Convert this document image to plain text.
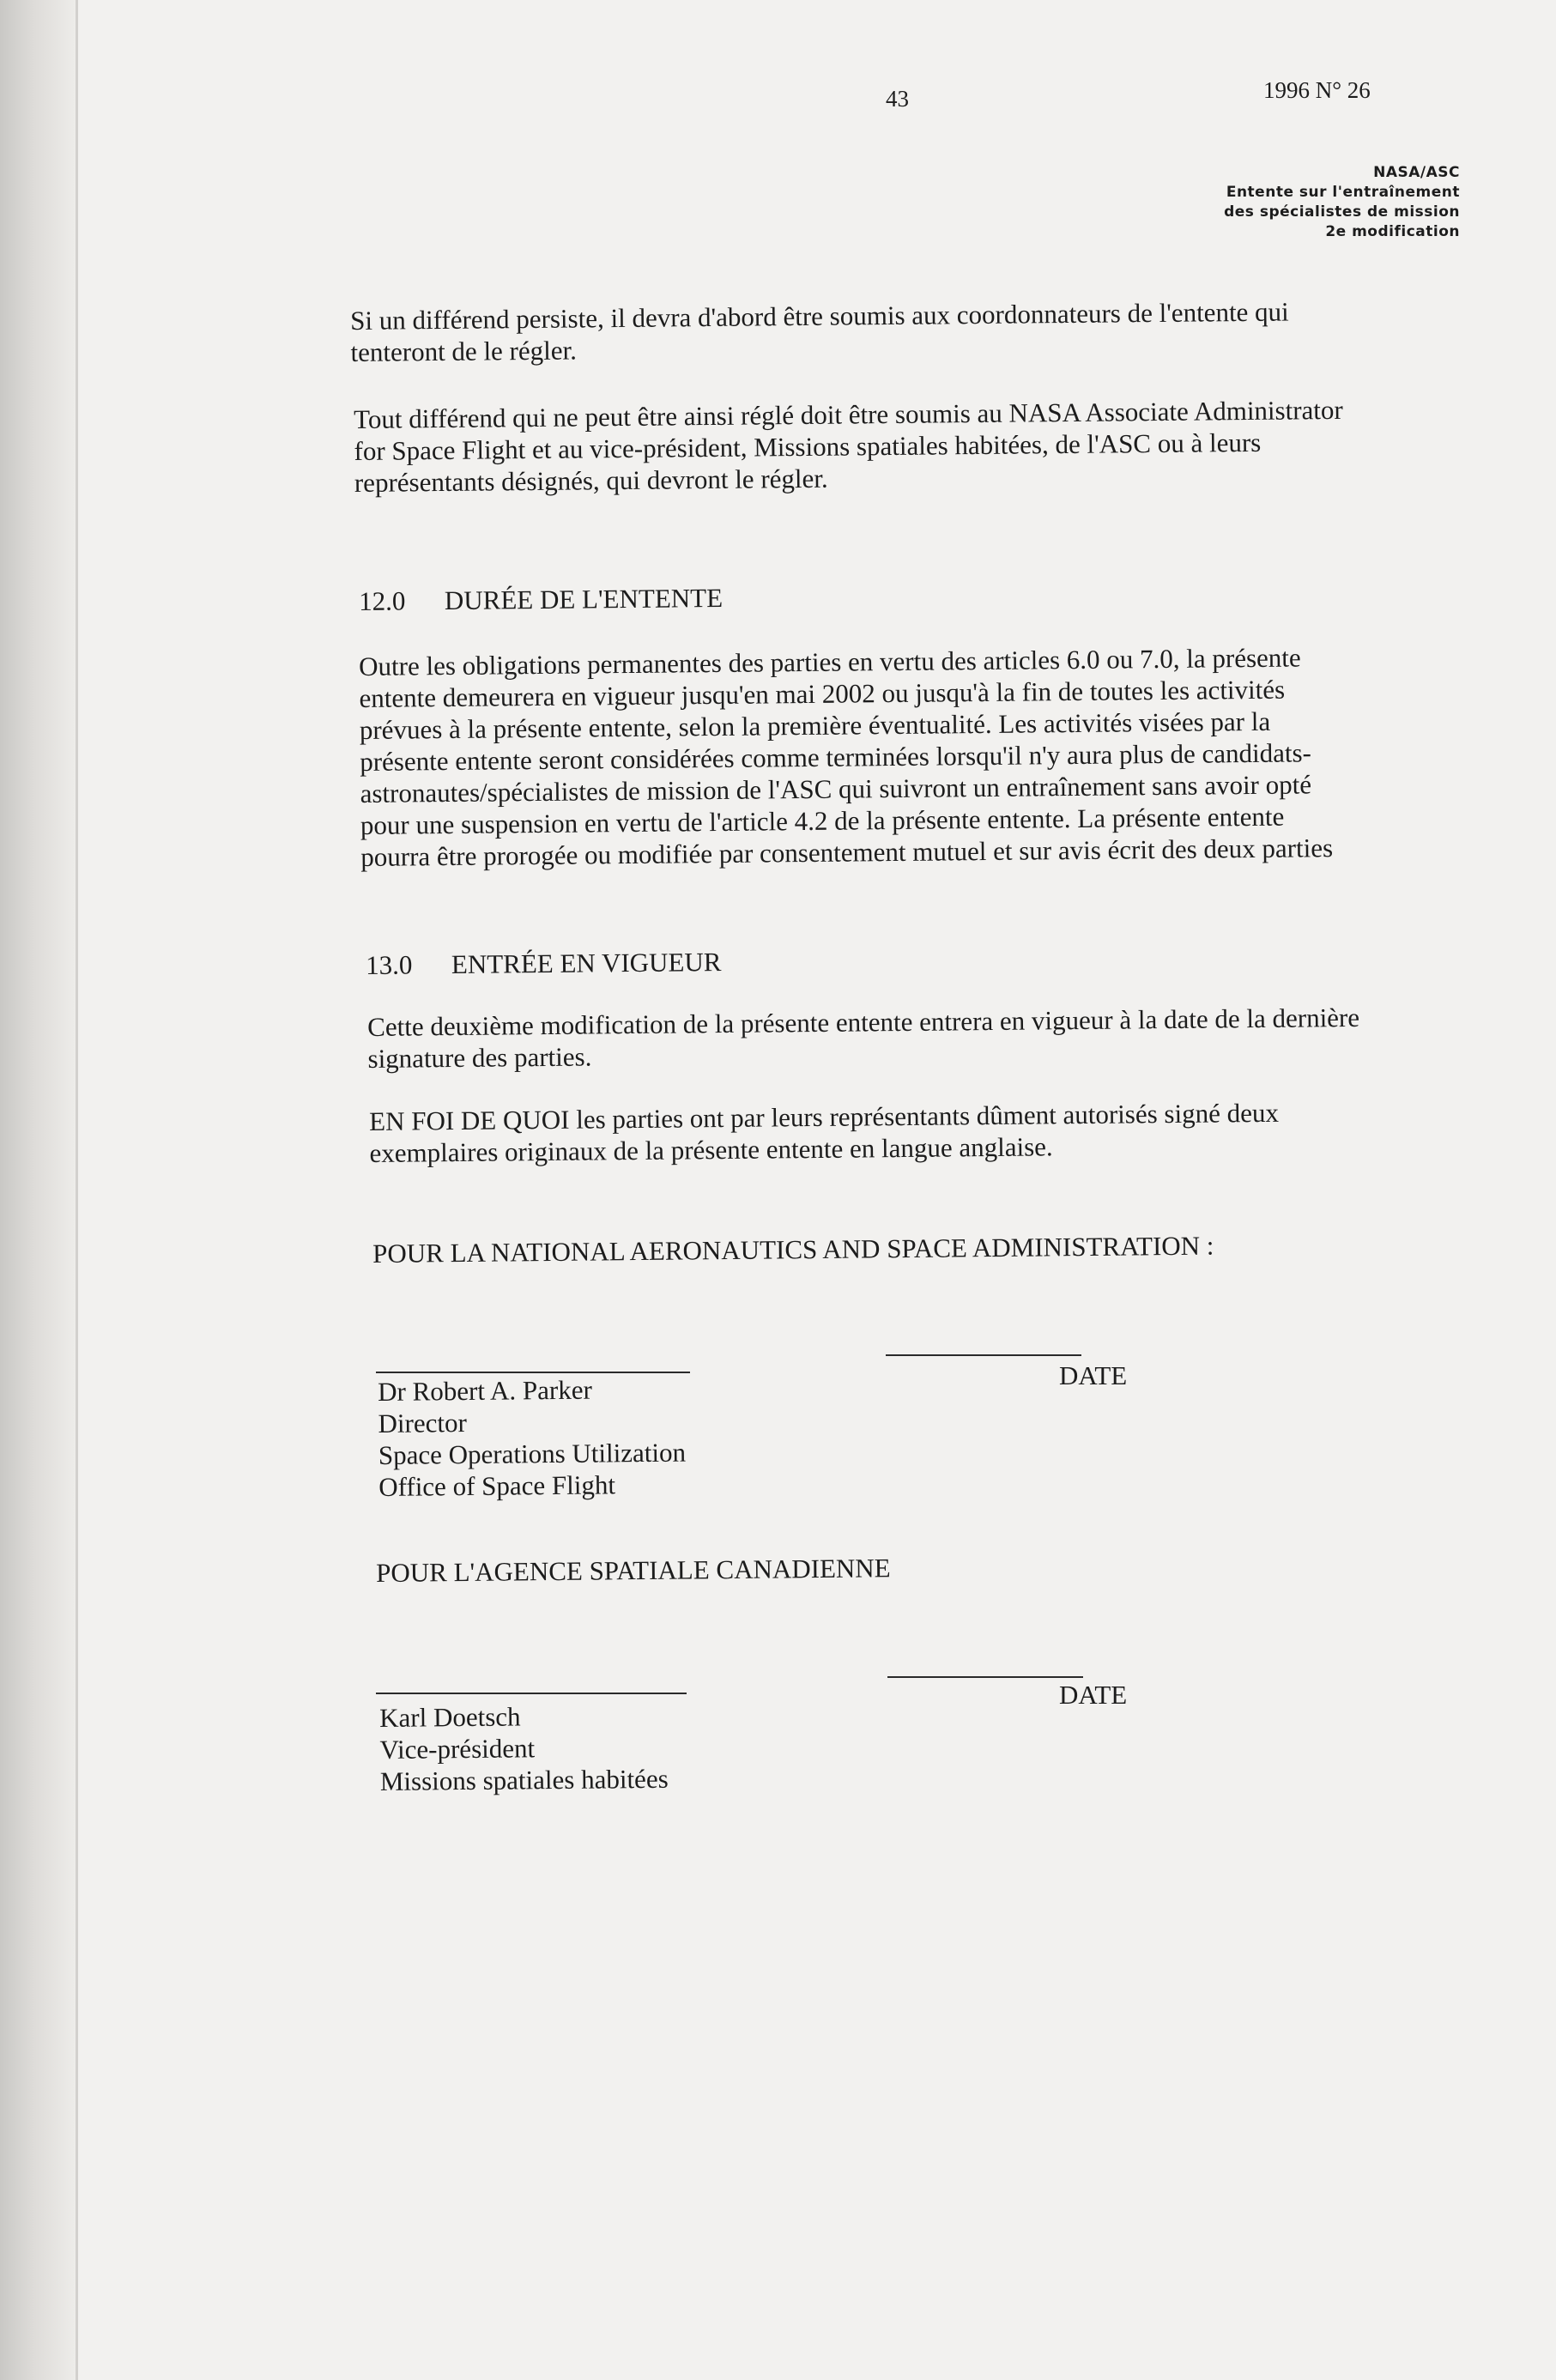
43	1996 N° 26
NASA/ASC
Entente sur l'entraînement
des spécialistes de mission
2e modification
Si un différend persiste, il devra d'abord être soumis aux coordonnateurs de l'entente qui
tenteront de le régler.
Tout différend qui ne peut être ainsi réglé doit être soumis au NASA Associate Administrator
for Space Flight et au vice-président, Missions spatiales habitées, de l'ASC ou à leurs
représentants désignés, qui devront le régler.
12.0 DURÉE DE L'ENTENTE
Outre les obligations permanentes des parties en vertu des articles 6.0 ou 7.0, la présente
entente demeurera en vigueur jusqu'en mai 2002 ou jusqu'à la fin de toutes les activités
prévues à la présente entente, selon la première éventualité. Les activités visées par la
présente entente seront considérées comme terminées lorsqu'il n'y aura plus de candidats-
astronautes/spécialistes de mission de l'ASC qui suivront un entraînement sans avoir opté
pour une suspension en vertu de l'article 4.2 de la présente entente. La présente entente
pourra être prorogée ou modifiée par consentement mutuel et sur avis écrit des deux parties
13.0 ENTRÉE EN VIGUEUR
Cette deuxième modification de la présente entente entrera en vigueur à la date de la dernière
signature des parties.
EN FOI DE QUOI les parties ont par leurs représentants dûment autorisés signé deux
exemplaires originaux de la présente entente en langue anglaise.
POUR LA NATIONAL AERONAUTICS AND SPACE ADMINISTRATION :
DATE
Dr Robert A. Parker
Director
Space Operations Utilization
Office of Space Flight
POUR L'AGENCE SPATIALE CANADIENNE
DATE
Karl Doetsch
Vice-président
Missions spatiales habitées
